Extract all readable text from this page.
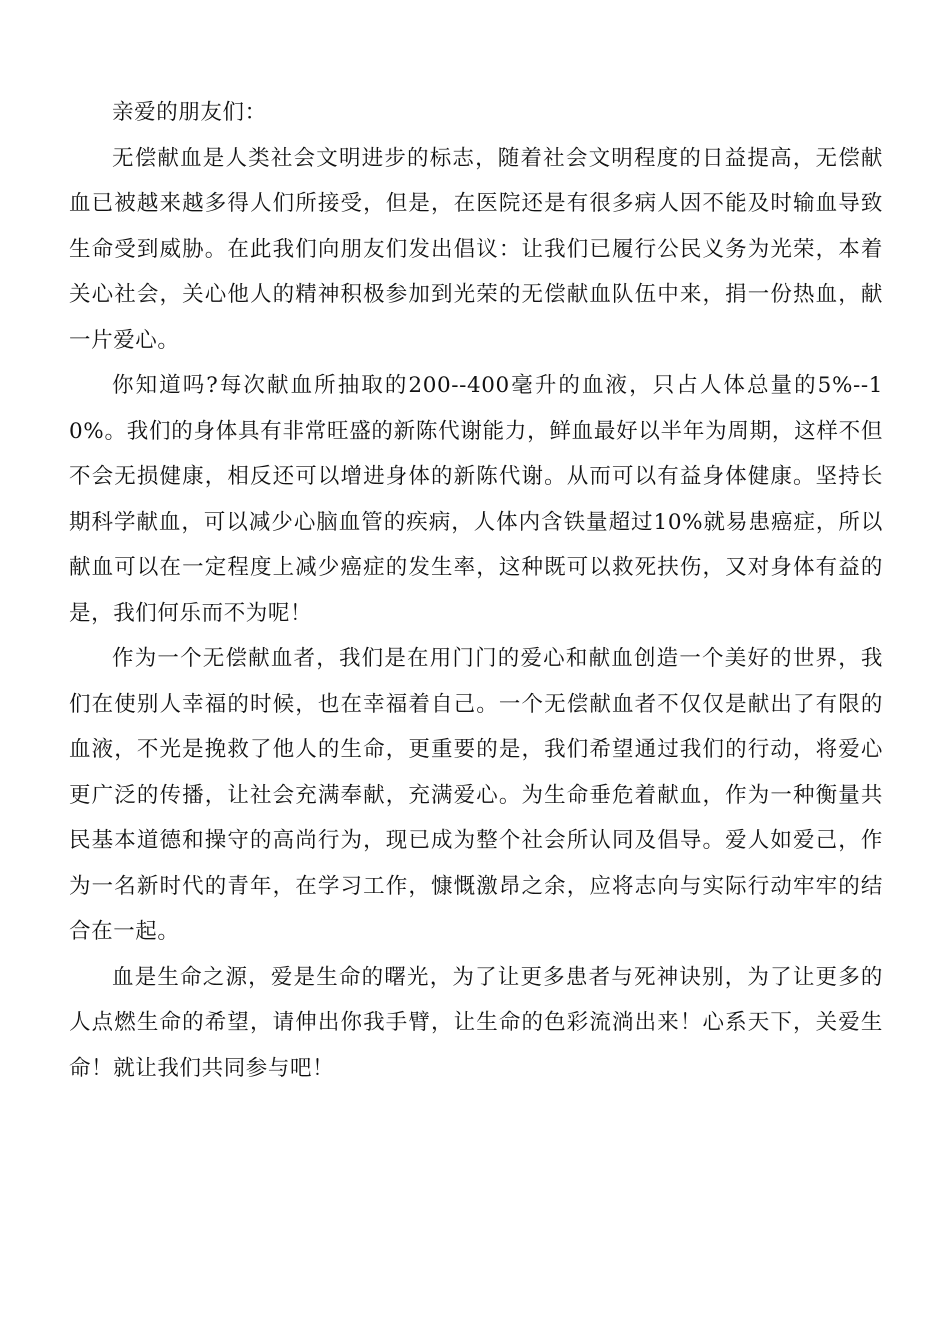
亲爱的朋友们：

无偿献血是人类社会文明进步的标志，随着社会文明程度的日益提高，无偿献血已被越来越多得人们所接受，但是，在医院还是有很多病人因不能及时输血导致生命受到威胁。在此我们向朋友们发出倡议：让我们已履行公民义务为光荣，本着关心社会，关心他人的精神积极参加到光荣的无偿献血队伍中来，捐一份热血，献一片爱心。

你知道吗?每次献血所抽取的200--400毫升的血液，只占人体总量的5%--10%。我们的身体具有非常旺盛的新陈代谢能力，鲜血最好以半年为周期，这样不但不会无损健康，相反还可以增进身体的新陈代谢。从而可以有益身体健康。坚持长期科学献血，可以减少心脑血管的疾病，人体内含铁量超过10%就易患癌症，所以献血可以在一定程度上减少癌症的发生率，这种既可以救死扶伤，又对身体有益的是，我们何乐而不为呢！

作为一个无偿献血者，我们是在用门门的爱心和献血创造一个美好的世界，我们在使别人幸福的时候，也在幸福着自己。一个无偿献血者不仅仅是献出了有限的血液，不光是挽救了他人的生命，更重要的是，我们希望通过我们的行动，将爱心更广泛的传播，让社会充满奉献，充满爱心。为生命垂危着献血，作为一种衡量共民基本道德和操守的高尚行为，现已成为整个社会所认同及倡导。爱人如爱己，作为一名新时代的青年，在学习工作，慷慨激昂之余，应将志向与实际行动牢牢的结合在一起。

血是生命之源，爱是生命的曙光，为了让更多患者与死神诀别，为了让更多的人点燃生命的希望，请伸出你我手臂，让生命的色彩流淌出来！心系天下，关爱生命！就让我们共同参与吧！
